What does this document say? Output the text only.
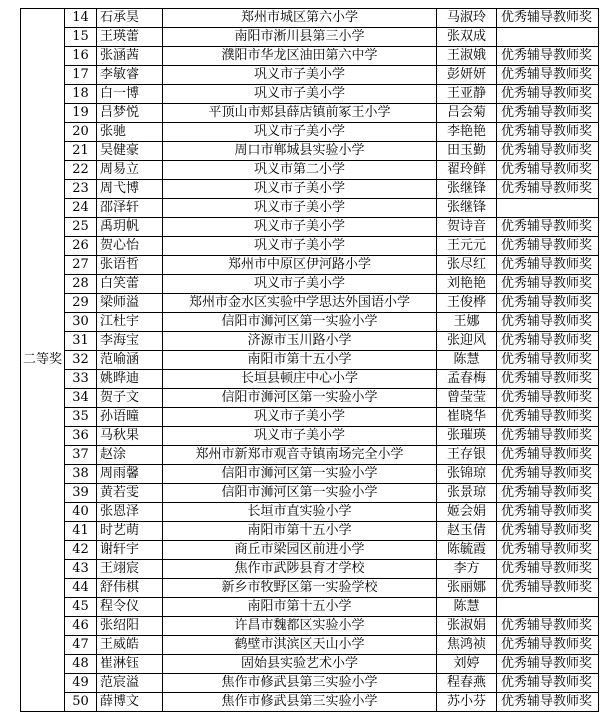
二等奖	14	石承昊	郑州市城区第六小学	马淑玲	优秀辅导教师奖
	15	王瑛蕾	南阳市淅川县第三小学	张双成	
	16	张涵茜	濮阳市华龙区油田第六中学	王淑娥	优秀辅导教师奖
	17	李敏睿	巩义市子美小学	彭妍妍	优秀辅导教师奖
	18	白一博	巩义市子美小学	王亚静	优秀辅导教师奖
	19	吕梦悦	平顶山市郏县薛店镇前冢王小学	吕会菊	优秀辅导教师奖
	20	张驰	巩义市子美小学	李艳艳	优秀辅导教师奖
	21	吴健豪	周口市郸城县实验小学	田玉勤	优秀辅导教师奖
	22	周易立	巩义市第二小学	翟玲鲜	优秀辅导教师奖
	23	周弋博	巩义市子美小学	张继锋	优秀辅导教师奖
	24	邵泽轩	巩义市子美小学	张继锋	
	25	禹玥帆	巩义市子美小学	贺诗音	优秀辅导教师奖
	26	贺心怡	巩义市子美小学	王元元	优秀辅导教师奖
	27	张语哲	郑州市中原区伊河路小学	张尽红	优秀辅导教师奖
	28	白笑蕾	巩义市子美小学	刘艳艳	优秀辅导教师奖
	29	梁师溢	郑州市金水区实验中学思达外国语小学	王俊桦	优秀辅导教师奖
	30	江杜宇	信阳市浉河区第一实验小学	王娜	优秀辅导教师奖
	31	李海宝	济源市玉川路小学	张迎风	优秀辅导教师奖
	32	范喻涵	南阳市第十五小学	陈慧	优秀辅导教师奖
	33	姚晔迪	长垣县顿庄中心小学	孟春梅	优秀辅导教师奖
	34	贺子文	信阳市浉河区第一实验小学	曾莹莹	优秀辅导教师奖
	35	孙语曈	巩义市子美小学	崔晓华	优秀辅导教师奖
	36	马秋果	巩义市子美小学	张璀瑛	优秀辅导教师奖
	37	赵涂	郑州市新郑市观音寺镇南场完全小学	王存银	优秀辅导教师奖
	38	周雨馨	信阳市浉河区第一实验小学	张锦琼	优秀辅导教师奖
	39	黄若雯	信阳市浉河区第一实验小学	张景琼	优秀辅导教师奖
	40	张恩泽	长垣市直实验小学	姬会娟	优秀辅导教师奖
	41	时艺萌	南阳市第十五小学	赵玉倩	优秀辅导教师奖
	42	谢轩宇	商丘市梁园区前进小学	陈毓霞	优秀辅导教师奖
	43	王翊宸	焦作市武陟县育才学校	李方	优秀辅导教师奖
	44	舒伟棋	新乡市牧野区第一实验学校	张丽娜	优秀辅导教师奖
	45	程令仪	南阳市第十五小学	陈慧	
	46	张绍阳	许昌市魏都区实验小学	张淑娟	优秀辅导教师奖
	47	王威皓	鹤壁市淇滨区天山小学	焦鸿祯	优秀辅导教师奖
	48	崔淋钰	固始县实验艺术小学	刘婷	优秀辅导教师奖
	49	范宸溢	焦作市修武县第三实验小学	程春燕	优秀辅导教师奖
	50	薛博文	焦作市修武县第三实验小学	苏小芬	优秀辅导教师奖
